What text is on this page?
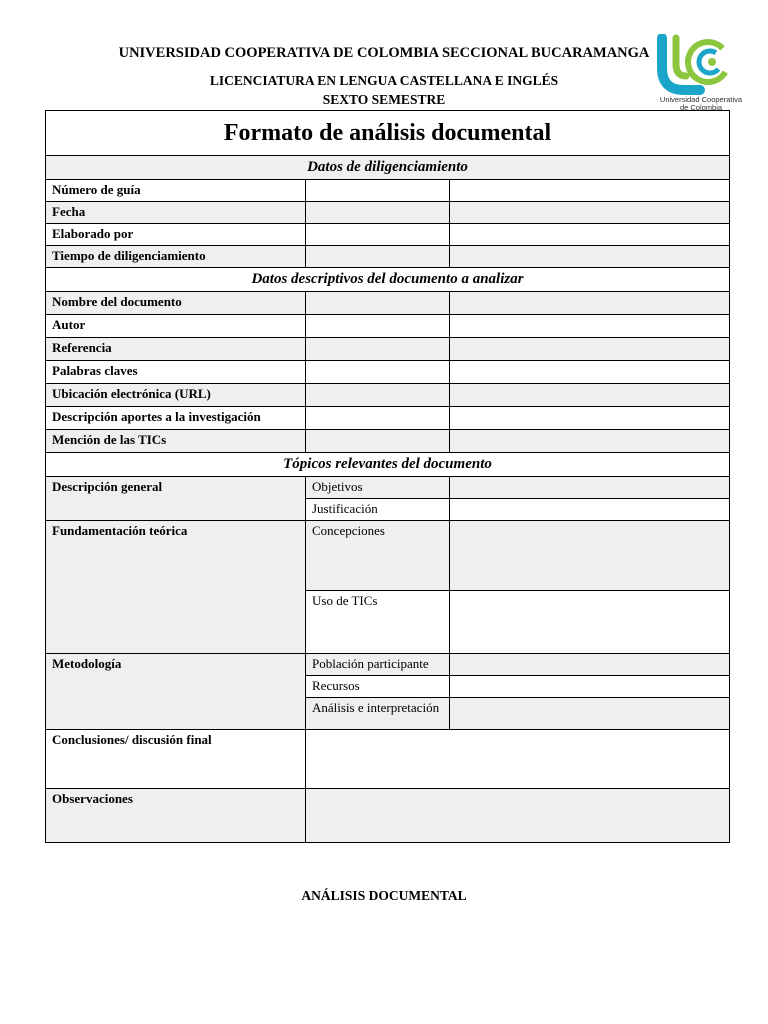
UNIVERSIDAD COOPERATIVA DE COLOMBIA SECCIONAL BUCARAMANGA
LICENCIATURA EN LENGUA CASTELLANA E INGLÉS
SEXTO SEMESTRE	Universidad Cooperativa de Colombia
Formato de análisis documental		
Datos de diligenciamiento		
Número de guía		
Fecha		
Elaborado por		
Tiempo de diligenciamiento		
Datos descriptivos del documento a analizar		
Nombre del documento		
Autor		
Referencia		
Palabras claves		
Ubicación electrónica (URL)		
Descripción aportes a la investigación		
Mención de las TICs		
Tópicos relevantes del documento		
Descripción general	Objetivos	

	Justificación	

Fundamentación teórica	Concepciones	

	Uso de TICs	

Metodología	Población participante	

	Recursos	

	Análisis e interpretación	

Conclusiones/ discusión final		
Observaciones		
ANÁLISIS DOCUMENTAL
